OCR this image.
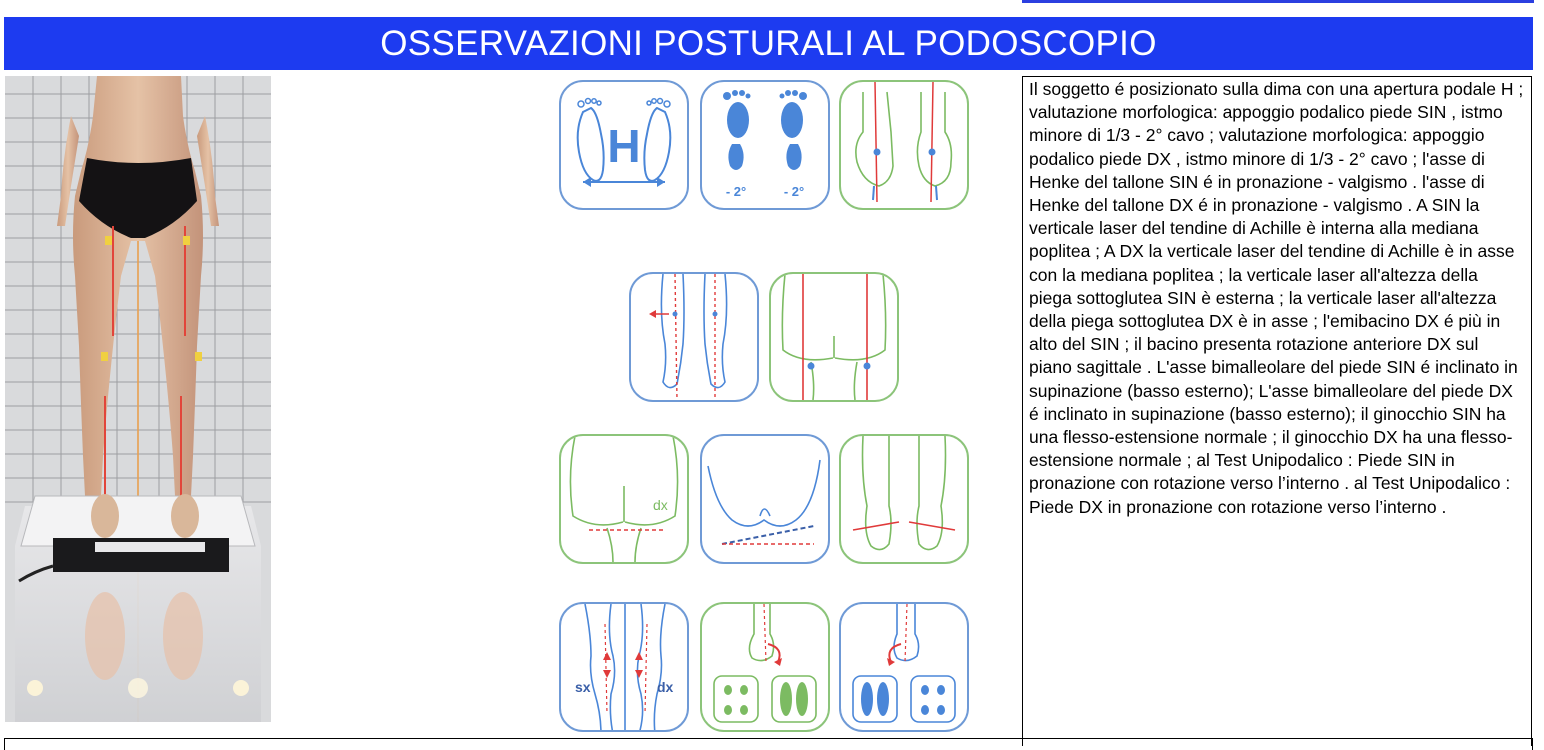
OSSERVAZIONI POSTURALI AL PODOSCOPIO
H
- 2°	- 2°
dx
sx	dx
Il soggetto é posizionato sulla dima con una apertura podale H ; valutazione morfologica: appoggio podalico piede SIN , istmo minore di 1/3 - 2° cavo ; valutazione morfologica: appoggio podalico piede DX , istmo minore di 1/3 - 2° cavo ; l'asse di Henke del tallone SIN é in pronazione - valgismo . l'asse di Henke del tallone DX é in pronazione - valgismo . A SIN la verticale laser del tendine di Achille è interna alla mediana poplitea ; A DX la verticale laser del tendine di Achille è in asse con la mediana poplitea ; la verticale laser all'altezza della piega sottoglutea SIN è esterna ; la verticale laser all'altezza della piega sottoglutea DX è in asse ; l'emibacino DX é più in alto del SIN ; il bacino presenta rotazione anteriore DX sul piano sagittale . L'asse bimalleolare del piede SIN é inclinato in supinazione (basso esterno); L'asse bimalleolare del piede DX é inclinato in supinazione (basso esterno); il ginocchio SIN ha una flesso-estensione normale ; il ginocchio DX ha una flesso-estensione normale ; al Test Unipodalico : Piede SIN in pronazione con rotazione verso l’interno . al Test Unipodalico : Piede DX in pronazione con rotazione verso l’interno .
